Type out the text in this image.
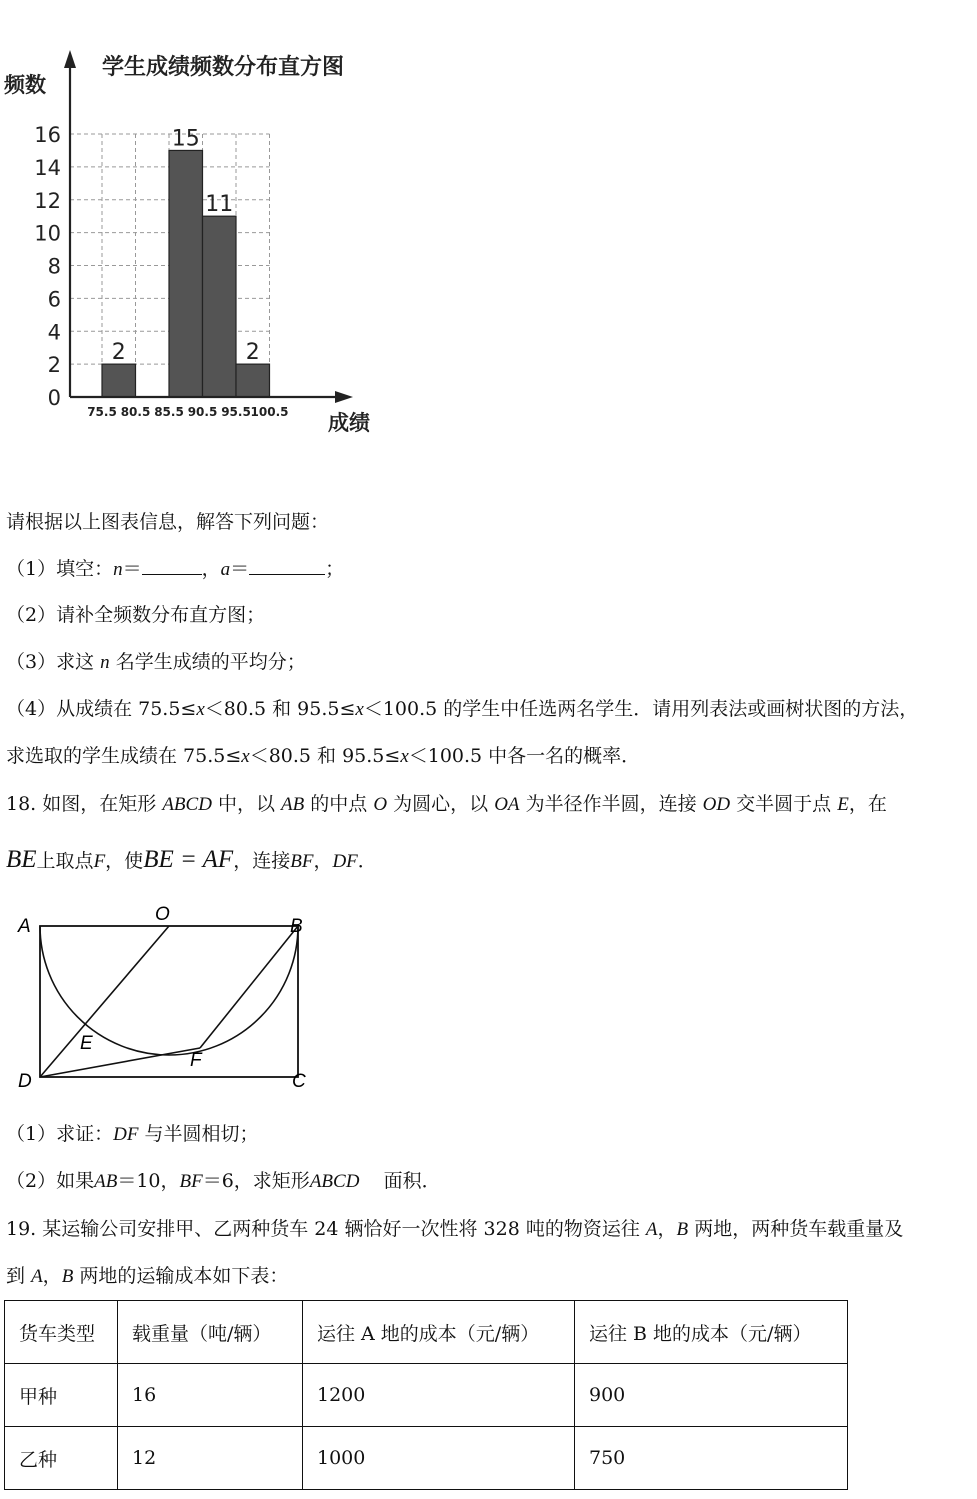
学生成绩频数分布直方图
频数
成绩
0
2
4
6
8
10
12
14
16
75.5 80.5 85.5 90.5 95.5 100.5
2
15
11
2
请根据以上图表信息，解答下列问题：
（1）填空：n＝	，a＝	；
（2）请补全频数分布直方图；
（3）求这 n 名学生成绩的平均分；
（4）从成绩在 75.5≤x＜80.5 和 95.5≤x＜100.5 的学生中任选两名学生．请用列表法或画树状图的方法，
求选取的学生成绩在 75.5≤x＜80.5 和 95.5≤x＜100.5 中各一名的概率．
18. 如图，在矩形 ABCD 中，以 AB 的中点 O 为圆心，以 OA 为半径作半圆，连接 OD 交半圆于点 E，在
BE上取点F，使BE = AF，连接BF，DF．
A
O
B
E
F
D	C
（1）求证：DF 与半圆相切；
（2）如果AB＝10，BF＝6，求矩形ABCD 面积．
19. 某运输公司安排甲、乙两种货车 24 辆恰好一次性将 328 吨的物资运往 A，B 两地，两种货车载重量及
到 A，B 两地的运输成本如下表：
货车类型	载重量（吨/辆）	运往 A 地的成本（元/辆）	运往 B 地的成本（元/辆）
甲种	16	1200	900
乙种	12	1000	750
